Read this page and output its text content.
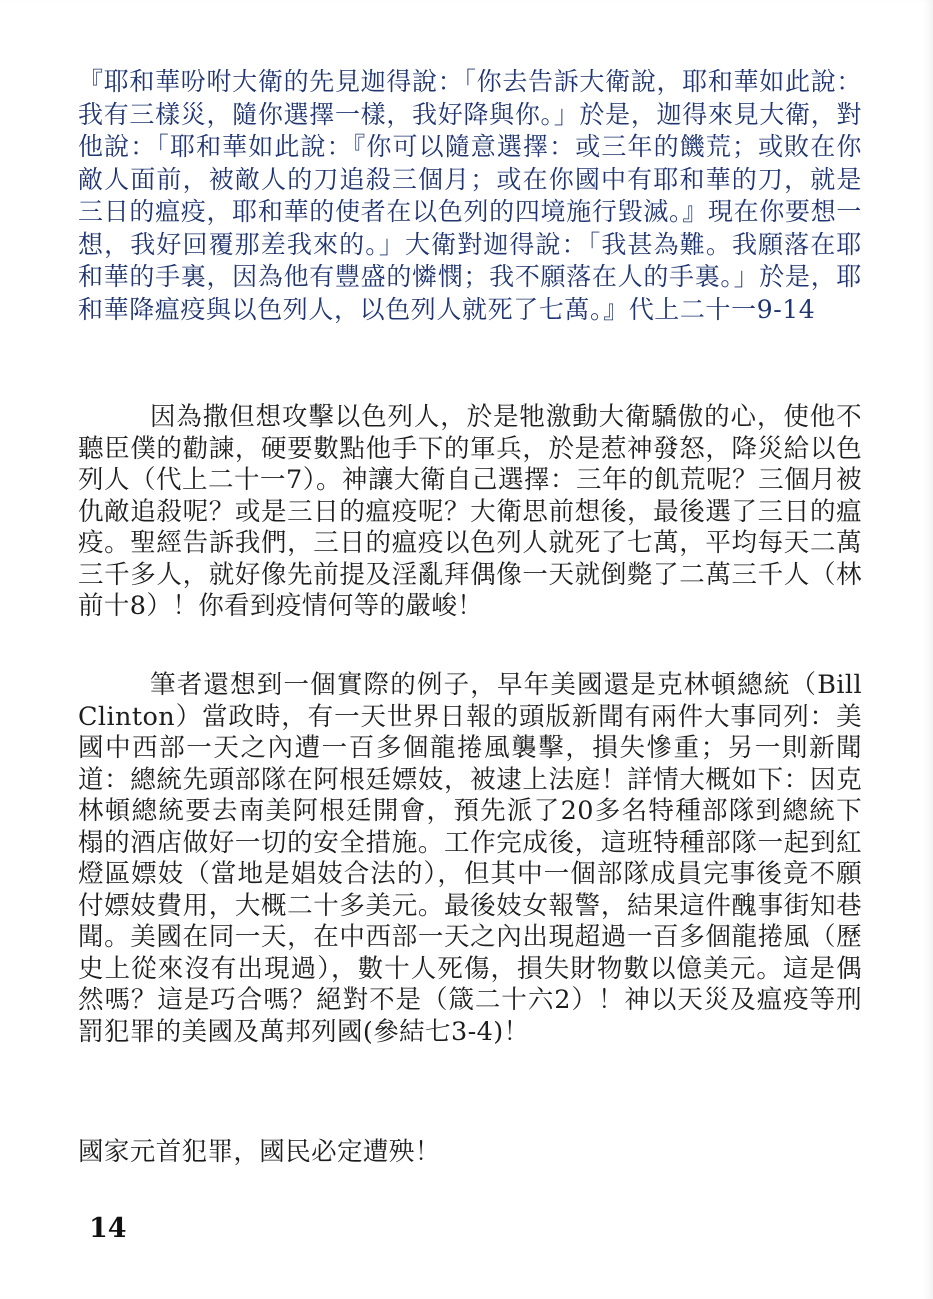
『耶和華吩咐大衛的先見迦得說：「你去告訴大衛說，耶和華如此說：我有三樣災，隨你選擇一樣，我好降與你。」於是，迦得來見大衛，對他說：「耶和華如此說：『你可以隨意選擇：或三年的饑荒；或敗在你敵人面前，被敵人的刀追殺三個月；或在你國中有耶和華的刀，就是三日的瘟疫，耶和華的使者在以色列的四境施行毀滅。』現在你要想一想，我好回覆那差我來的。」大衛對迦得說：「我甚為難。我願落在耶和華的手裏，因為他有豐盛的憐憫；我不願落在人的手裏。」於是，耶和華降瘟疫與以色列人，以色列人就死了七萬。』代上二十一9-14

因為撒但想攻擊以色列人，於是牠激動大衛驕傲的心，使他不聽臣僕的勸諫，硬要數點他手下的軍兵，於是惹神發怒，降災給以色列人（代上二十一7）。神讓大衛自己選擇：三年的飢荒呢？三個月被仇敵追殺呢？或是三日的瘟疫呢？大衛思前想後，最後選了三日的瘟疫。聖經告訴我們，三日的瘟疫以色列人就死了七萬，平均每天二萬三千多人，就好像先前提及淫亂拜偶像一天就倒斃了二萬三千人（林前十8）！你看到疫情何等的嚴峻！

筆者還想到一個實際的例子，早年美國還是克林頓總統（Bill Clinton）當政時，有一天世界日報的頭版新聞有兩件大事同列：美國中西部一天之內遭一百多個龍捲風襲擊，損失慘重；另一則新聞道：總統先頭部隊在阿根廷嫖妓，被逮上法庭！詳情大概如下：因克林頓總統要去南美阿根廷開會，預先派了20多名特種部隊到總統下榻的酒店做好一切的安全措施。工作完成後，這班特種部隊一起到紅燈區嫖妓（當地是娼妓合法的），但其中一個部隊成員完事後竟不願付嫖妓費用，大概二十多美元。最後妓女報警，結果這件醜事街知巷聞。美國在同一天，在中西部一天之內出現超過一百多個龍捲風（歷史上從來沒有出現過），數十人死傷，損失財物數以億美元。這是偶然嗎？這是巧合嗎？絕對不是（箴二十六2）！神以天災及瘟疫等刑罰犯罪的美國及萬邦列國(參結七3-4)！

國家元首犯罪，國民必定遭殃！

14
